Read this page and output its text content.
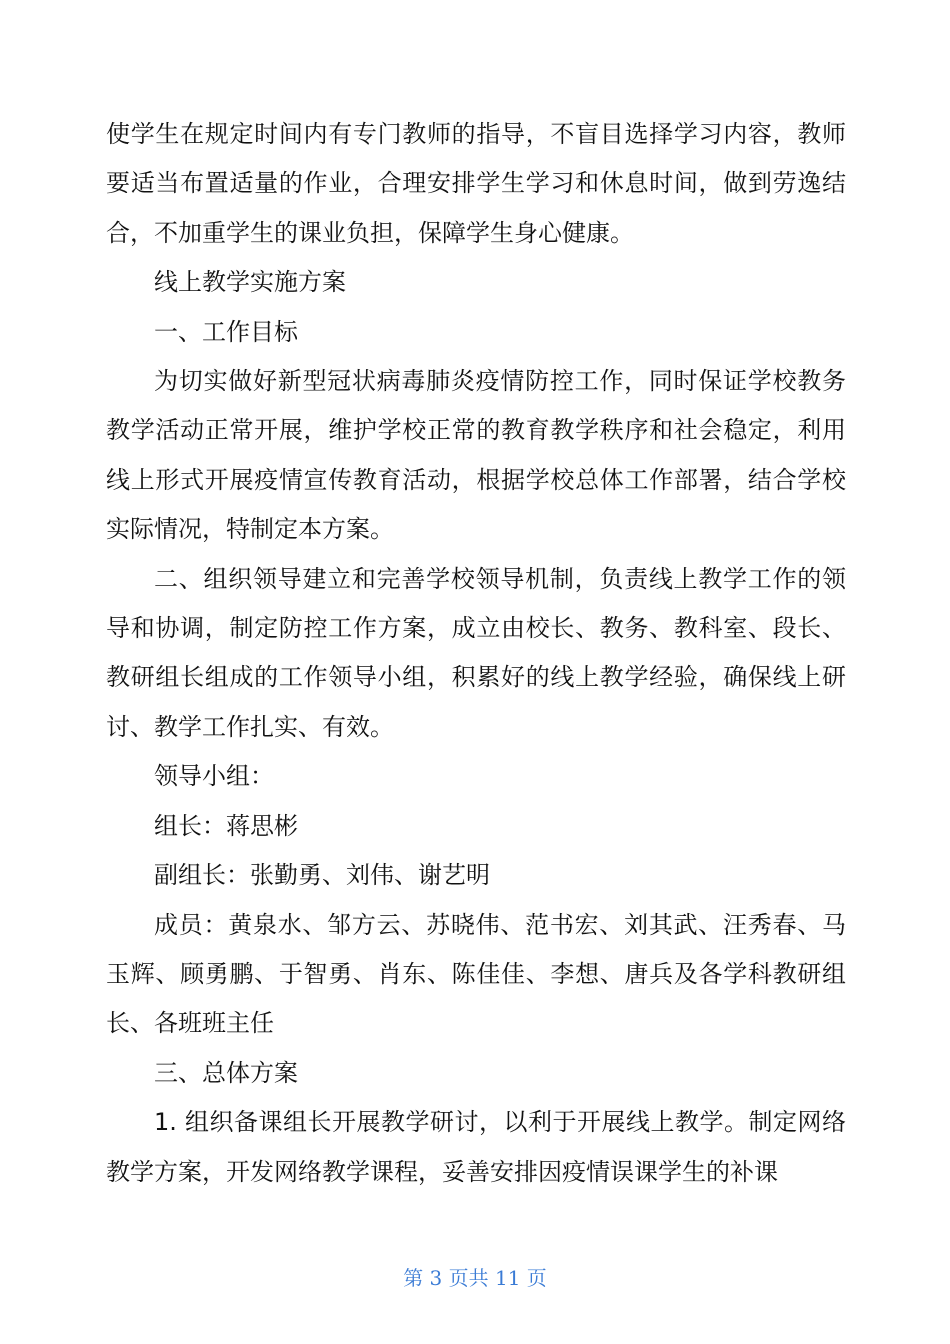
使学生在规定时间内有专门教师的指导，不盲目选择学习内容，教师要适当布置适量的作业，合理安排学生学习和休息时间，做到劳逸结合，不加重学生的课业负担，保障学生身心健康。

线上教学实施方案

一、工作目标

为切实做好新型冠状病毒肺炎疫情防控工作，同时保证学校教务教学活动正常开展，维护学校正常的教育教学秩序和社会稳定，利用线上形式开展疫情宣传教育活动，根据学校总体工作部署，结合学校实际情况，特制定本方案。

二、组织领导建立和完善学校领导机制，负责线上教学工作的领导和协调，制定防控工作方案，成立由校长、教务、教科室、段长、教研组长组成的工作领导小组，积累好的线上教学经验，确保线上研讨、教学工作扎实、有效。

领导小组：

组长：蒋思彬

副组长：张勤勇、刘伟、谢艺明

成员：黄泉水、邹方云、苏晓伟、范书宏、刘其武、汪秀春、马玉辉、顾勇鹏、于智勇、肖东、陈佳佳、李想、唐兵及各学科教研组长、各班班主任

三、总体方案

1. 组织备课组长开展教学研讨，以利于开展线上教学。制定网络教学方案，开发网络教学课程，妥善安排因疫情误课学生的补课

第 3 页共 11 页
